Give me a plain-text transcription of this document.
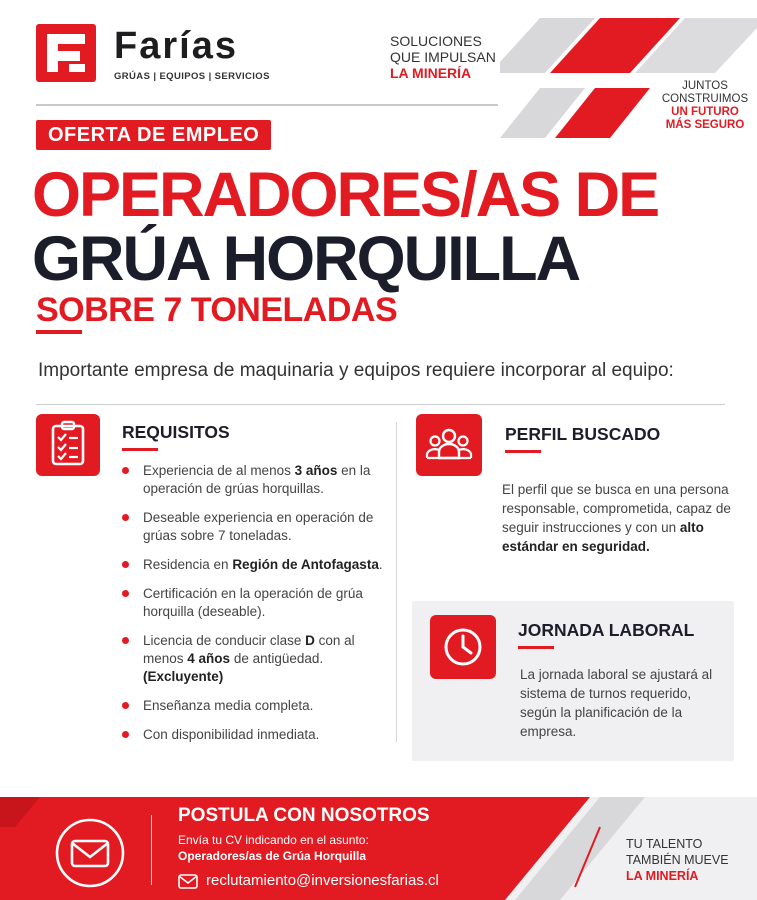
Farías
GRÚAS | EQUIPOS | SERVICIOS
SOLUCIONES
QUE IMPULSAN
LA MINERÍA
JUNTOS
CONSTRUIMOS
UN FUTURO
MÁS SEGURO
OFERTA DE EMPLEO
OPERADORES/AS DE
GRÚA HORQUILLA
SOBRE 7 TONELADAS
Importante empresa de maquinaria y equipos requiere incorporar al equipo:
REQUISITOS
Experiencia de al menos 3 años en la operación de grúas horquillas.
Deseable experiencia en operación de grúas sobre 7 toneladas.
Residencia en Región de Antofagasta.
Certificación en la operación de grúa horquilla (deseable).
Licencia de conducir clase D con al menos 4 años de antigüedad.
(Excluyente)
Enseñanza media completa.
Con disponibilidad inmediata.
PERFIL BUSCADO
El perfil que se busca en una persona responsable, comprometida, capaz de seguir instrucciones y con un alto estándar en seguridad.
JORNADA LABORAL
La jornada laboral se ajustará al sistema de turnos requerido, según la planificación de la empresa.
POSTULA CON NOSOTROS
Envía tu CV indicando en el asunto:
Operadores/as de Grúa Horquilla
reclutamiento@inversionesfarias.cl
TU TALENTO
TAMBIÉN MUEVE
LA MINERÍA
